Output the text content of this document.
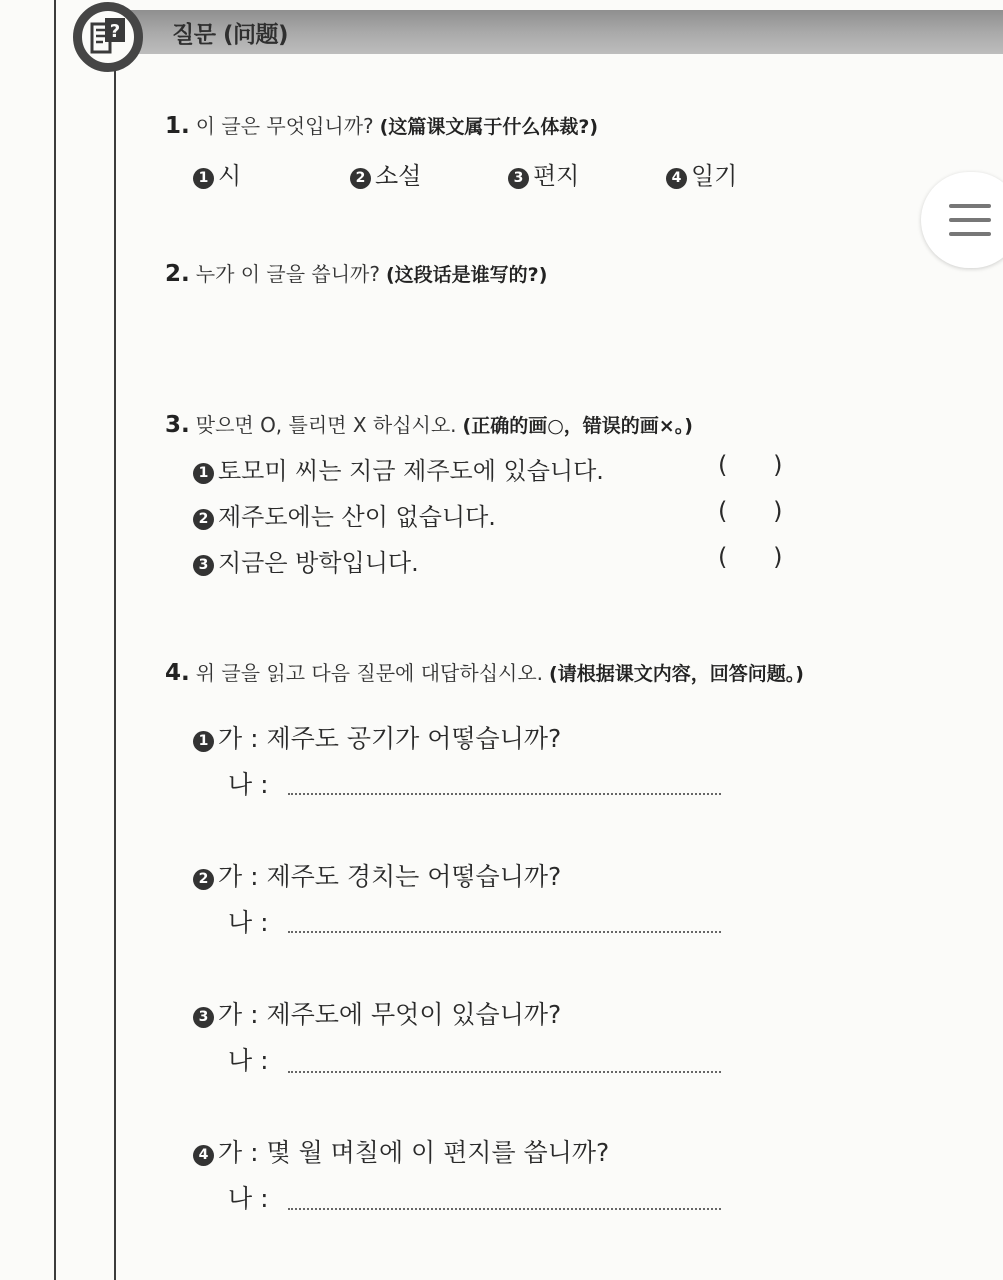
질문 (问题)
?
1. 이 글은 무엇입니까? (这篇课文属于什么体裁?)
1 시	2 소설	3 편지	4 일기
2. 누가 이 글을 씁니까? (这段话是谁写的?)
3. 맞으면 O, 틀리면 X 하십시오. (正确的画○，错误的画×。)
1 토모미 씨는 지금 제주도에 있습니다.	(      )
2 제주도에는 산이 없습니다.	(      )
3 지금은 방학입니다.	(      )
4. 위 글을 읽고 다음 질문에 대답하십시오. (请根据课文内容，回答问题。)
1 가 : 제주도 공기가 어떻습니까?
나 :
2 가 : 제주도 경치는 어떻습니까?
나 :
3 가 : 제주도에 무엇이 있습니까?
나 :
4 가 : 몇 월 며칠에 이 편지를 씁니까?
나 :
